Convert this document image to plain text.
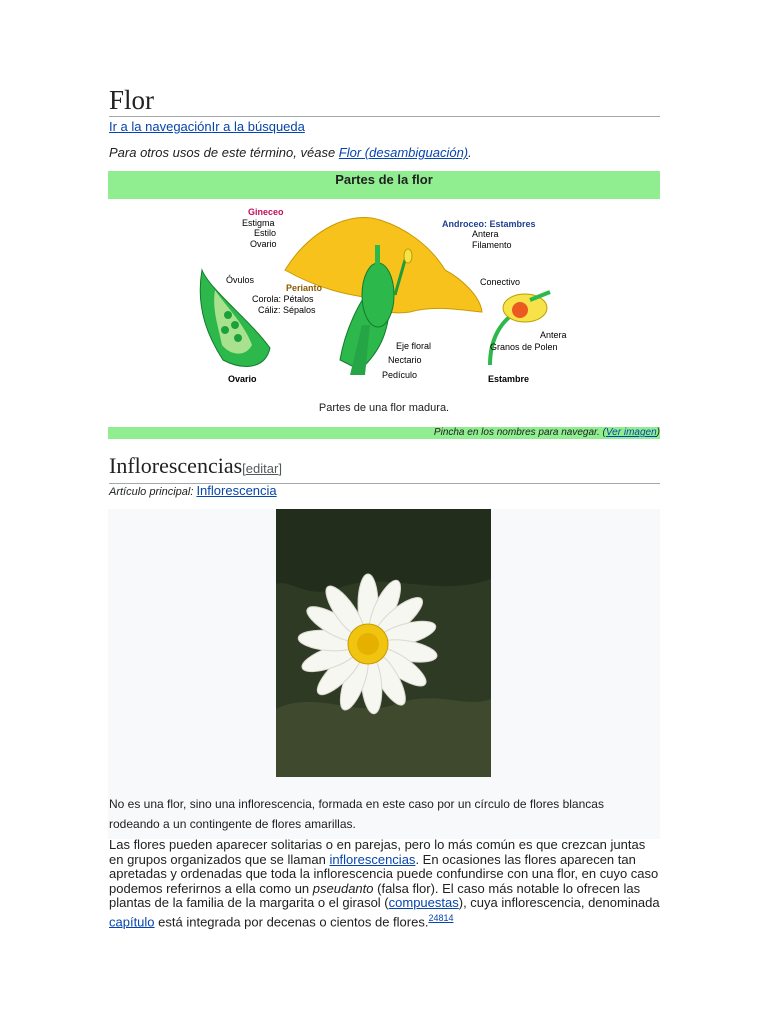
Flor
Ir a la navegaciónIr a la búsqueda
Para otros usos de este término, véase Flor (desambiguación).
Partes de la flor
Óvulos
Ovario
Gineceo
Estigma
Estilo
Ovario
Perianto
Corola: Pétalos
Cáliz: Sépalos
Androceo: Estambres
Antera
Filamento
Eje floral
Nectario
Pedículo
Conectivo
Antera
Granos de Polen
Estambre
Partes de una flor madura.
Pincha en los nombres para navegar. (Ver imagen)
Inflorescencias[editar]
Artículo principal: Inflorescencia
No es una flor, sino una inflorescencia, formada en este caso por un círculo de flores blancas rodeando a un contingente de flores amarillas.
Las flores pueden aparecer solitarias o en parejas, pero lo más común es que crezcan juntas en grupos organizados que se llaman inflorescencias. En ocasiones las flores aparecen tan apretadas y ordenadas que toda la inflorescencia puede confundirse con una flor, en cuyo caso podemos referirnos a ella como un pseudanto (falsa flor). El caso más notable lo ofrecen las plantas de la familia de la margarita o el girasol (compuestas), cuya inflorescencia, denominada capítulo está integrada por decenas o cientos de flores.$^{24814}$
